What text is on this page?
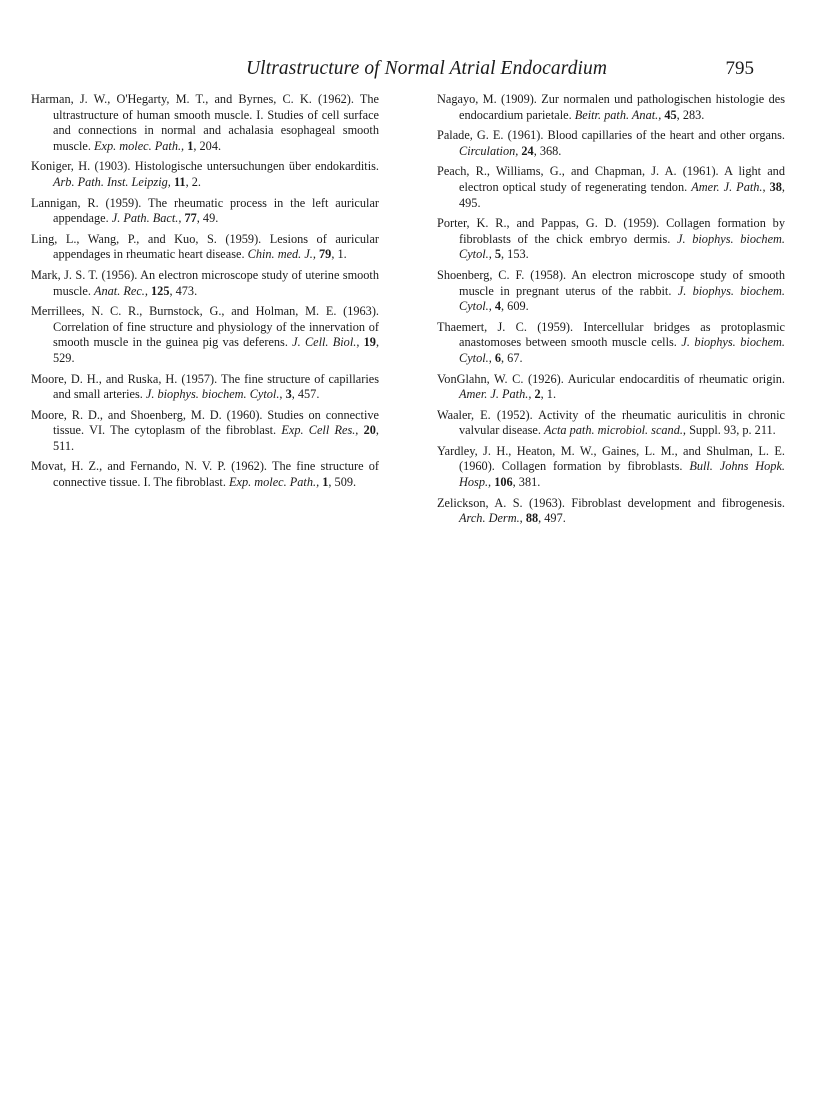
Ultrastructure of Normal Atrial Endocardium	795

Harman, J. W., O'Hegarty, M. T., and Byrnes, C. K. (1962). The ultrastructure of human smooth muscle. I. Studies of cell surface and connections in normal and achalasia esophageal smooth muscle. Exp. molec. Path., 1, 204.

Koniger, H. (1903). Histologische untersuchungen über endokarditis. Arb. Path. Inst. Leipzig, 11, 2.

Lannigan, R. (1959). The rheumatic process in the left auricular appendage. J. Path. Bact., 77, 49.

Ling, L., Wang, P., and Kuo, S. (1959). Lesions of auricular appendages in rheumatic heart disease. Chin. med. J., 79, 1.

Mark, J. S. T. (1956). An electron microscope study of uterine smooth muscle. Anat. Rec., 125, 473.

Merrillees, N. C. R., Burnstock, G., and Holman, M. E. (1963). Correlation of fine structure and physiology of the innervation of smooth muscle in the guinea pig vas deferens. J. Cell. Biol., 19, 529.

Moore, D. H., and Ruska, H. (1957). The fine structure of capillaries and small arteries. J. biophys. biochem. Cytol., 3, 457.

Moore, R. D., and Shoenberg, M. D. (1960). Studies on connective tissue. VI. The cytoplasm of the fibroblast. Exp. Cell Res., 20, 511.

Movat, H. Z., and Fernando, N. V. P. (1962). The fine structure of connective tissue. I. The fibroblast. Exp. molec. Path., 1, 509.

Nagayo, M. (1909). Zur normalen und pathologischen histologie des endocardium parietale. Beitr. path. Anat., 45, 283.

Palade, G. E. (1961). Blood capillaries of the heart and other organs. Circulation, 24, 368.

Peach, R., Williams, G., and Chapman, J. A. (1961). A light and electron optical study of regenerating tendon. Amer. J. Path., 38, 495.

Porter, K. R., and Pappas, G. D. (1959). Collagen formation by fibroblasts of the chick embryo dermis. J. biophys. biochem. Cytol., 5, 153.

Shoenberg, C. F. (1958). An electron microscope study of smooth muscle in pregnant uterus of the rabbit. J. biophys. biochem. Cytol., 4, 609.

Thaemert, J. C. (1959). Intercellular bridges as protoplasmic anastomoses between smooth muscle cells. J. biophys. biochem. Cytol., 6, 67.

VonGlahn, W. C. (1926). Auricular endocarditis of rheumatic origin. Amer. J. Path., 2, 1.

Waaler, E. (1952). Activity of the rheumatic auriculitis in chronic valvular disease. Acta path. microbiol. scand., Suppl. 93, p. 211.

Yardley, J. H., Heaton, M. W., Gaines, L. M., and Shulman, L. E. (1960). Collagen formation by fibroblasts. Bull. Johns Hopk. Hosp., 106, 381.

Zelickson, A. S. (1963). Fibroblast development and fibrogenesis. Arch. Derm., 88, 497.
